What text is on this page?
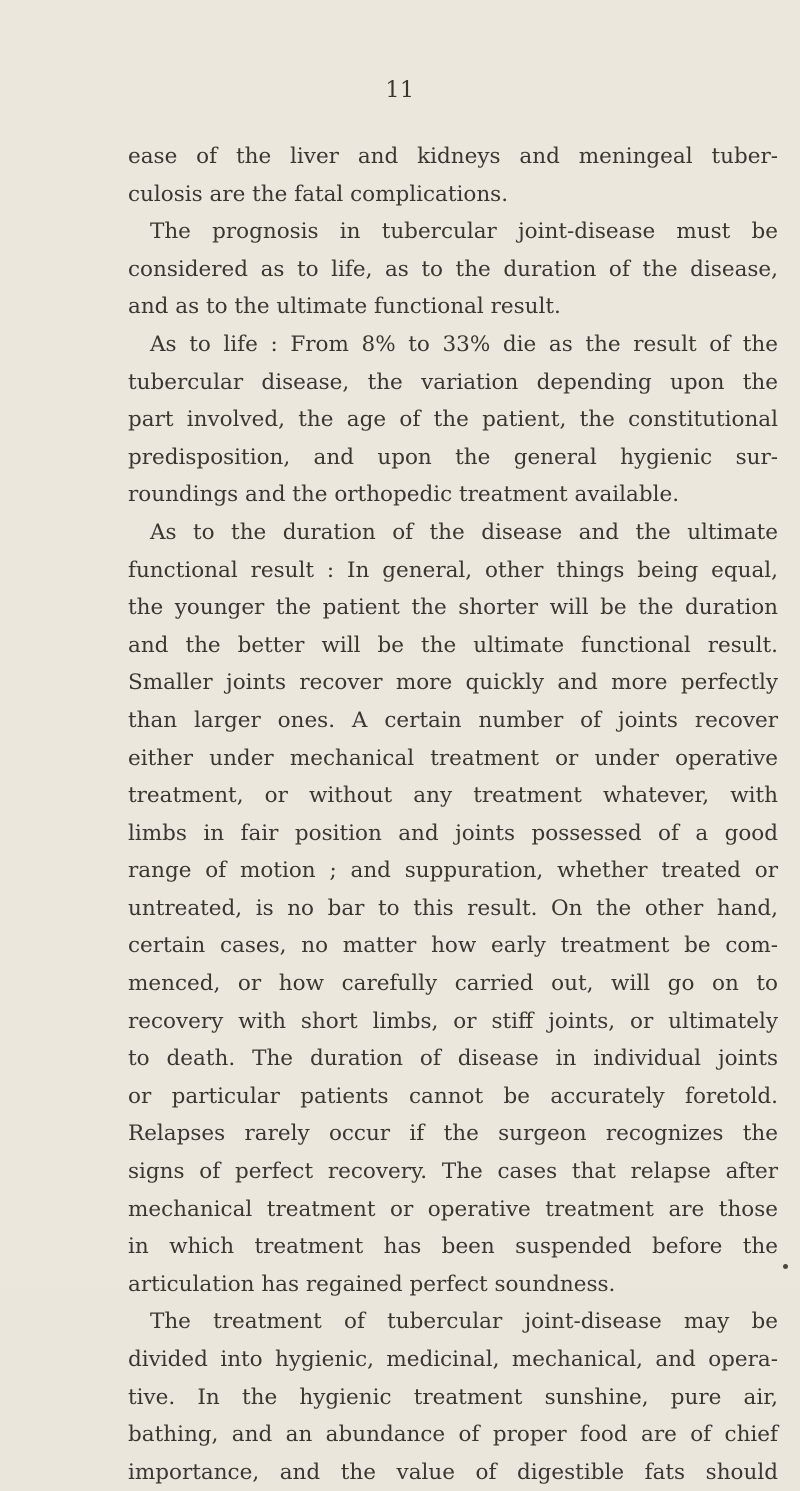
11
ease of the liver and kidneys and meningeal tuber-
culosis are the fatal complications.
The prognosis in tubercular joint-disease must be
considered as to life, as to the duration of the disease,
and as to the ultimate functional result.
As to life : From 8% to 33% die as the result of the
tubercular disease, the variation depending upon the
part involved, the age of the patient, the constitutional
predisposition, and upon the general hygienic sur-
roundings and the orthopedic treatment available.
As to the duration of the disease and the ultimate
functional result : In general, other things being equal,
the younger the patient the shorter will be the duration
and the better will be the ultimate functional result.
Smaller joints recover more quickly and more perfectly
than larger ones. A certain number of joints recover
either under mechanical treatment or under operative
treatment, or without any treatment whatever, with
limbs in fair position and joints possessed of a good
range of motion ; and suppuration, whether treated or
untreated, is no bar to this result. On the other hand,
certain cases, no matter how early treatment be com-
menced, or how carefully carried out, will go on to
recovery with short limbs, or stiff joints, or ultimately
to death. The duration of disease in individual joints
or particular patients cannot be accurately foretold.
Relapses rarely occur if the surgeon recognizes the
signs of perfect recovery. The cases that relapse after
mechanical treatment or operative treatment are those
in which treatment has been suspended before the
articulation has regained perfect soundness.
The treatment of tubercular joint-disease may be
divided into hygienic, medicinal, mechanical, and opera-
tive. In the hygienic treatment sunshine, pure air,
bathing, and an abundance of proper food are of chief
importance, and the value of digestible fats should
